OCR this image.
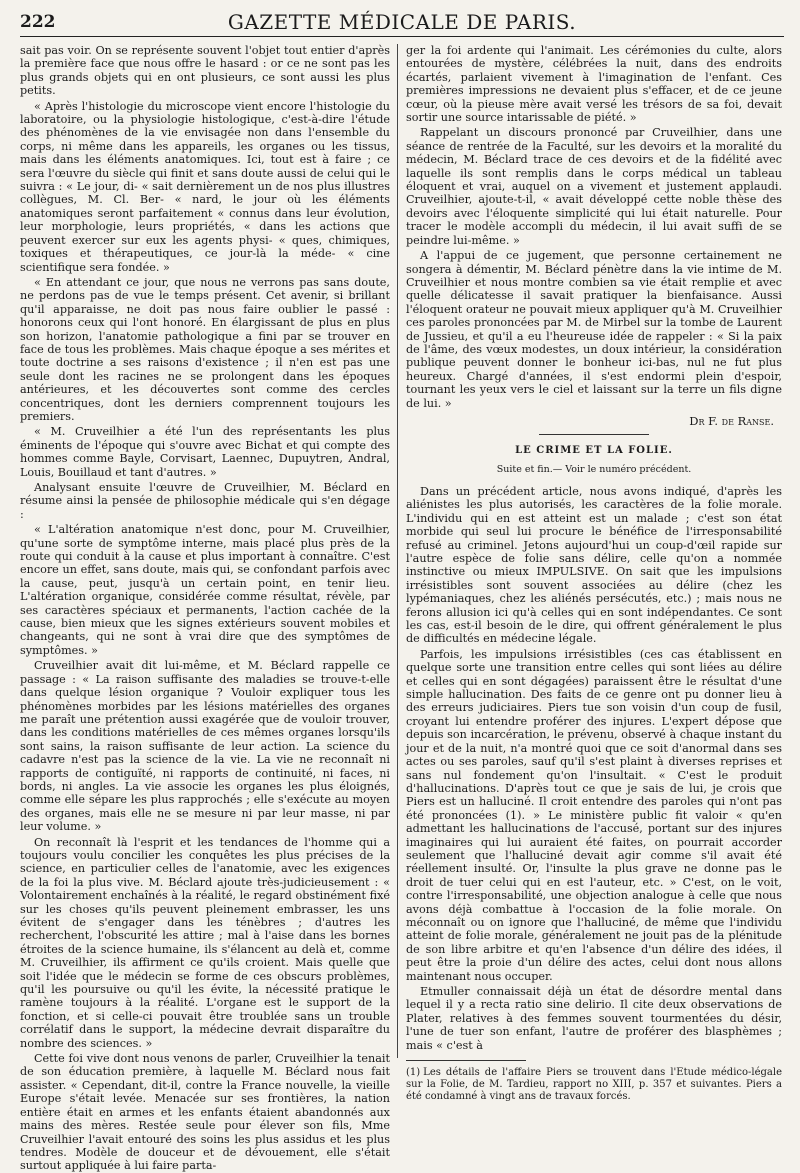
222	GAZETTE MÉDICALE DE PARIS.

sait pas voir. On se représente souvent l'objet tout entier d'après la première face que nous offre le hasard : or ce ne sont pas les plus grands objets qui en ont plusieurs, ce sont aussi les plus petits.

« Après l'histologie du microscope vient encore l'histologie du laboratoire, ou la physiologie histologique, c'est-à-dire l'étude des phénomènes de la vie envisagée non dans l'ensemble du corps, ni même dans les appareils, les organes ou les tissus, mais dans les éléments anatomiques. Ici, tout est à faire ; ce sera l'œuvre du siècle qui finit et sans doute aussi de celui qui le suivra : « Le jour, di- « sait dernièrement un de nos plus illustres collègues, M. Cl. Ber- « nard, le jour où les éléments anatomiques seront parfaitement « connus dans leur évolution, leur morphologie, leurs propriétés, « dans les actions que peuvent exercer sur eux les agents physi- « ques, chimiques, toxiques et thérapeutiques, ce jour-là la méde- « cine scientifique sera fondée. »

« En attendant ce jour, que nous ne verrons pas sans doute, ne perdons pas de vue le temps présent. Cet avenir, si brillant qu'il apparaisse, ne doit pas nous faire oublier le passé : honorons ceux qui l'ont honoré. En élargissant de plus en plus son horizon, l'anatomie pathologique a fini par se trouver en face de tous les problèmes. Mais chaque époque a ses mérites et toute doctrine a ses raisons d'existence ; il n'en est pas une seule dont les racines ne se prolongent dans les époques antérieures, et les découvertes sont comme des cercles concentriques, dont les derniers comprennent toujours les premiers.

« M. Cruveilhier a été l'un des représentants les plus éminents de l'époque qui s'ouvre avec Bichat et qui compte des hommes comme Bayle, Corvisart, Laennec, Dupuytren, Andral, Louis, Bouillaud et tant d'autres. »

Analysant ensuite l'œuvre de Cruveilhier, M. Béclard en résume ainsi la pensée de philosophie médicale qui s'en dégage :

« L'altération anatomique n'est donc, pour M. Cruveilhier, qu'une sorte de symptôme interne, mais placé plus près de la route qui conduit à la cause et plus important à connaître. C'est encore un effet, sans doute, mais qui, se confondant parfois avec la cause, peut, jusqu'à un certain point, en tenir lieu. L'altération organique, considérée comme résultat, révèle, par ses caractères spéciaux et permanents, l'action cachée de la cause, bien mieux que les signes extérieurs souvent mobiles et changeants, qui ne sont à vrai dire que des symptômes de symptômes. »

Cruveilhier avait dit lui-même, et M. Béclard rappelle ce passage : « La raison suffisante des maladies se trouve-t-elle dans quelque lésion organique ? Vouloir expliquer tous les phénomènes morbides par les lésions matérielles des organes me paraît une prétention aussi exagérée que de vouloir trouver, dans les conditions matérielles de ces mêmes organes lorsqu'ils sont sains, la raison suffisante de leur action. La science du cadavre n'est pas la science de la vie. La vie ne reconnaît ni rapports de contiguïté, ni rapports de continuité, ni faces, ni bords, ni angles. La vie associe les organes les plus éloignés, comme elle sépare les plus rapprochés ; elle s'exécute au moyen des organes, mais elle ne se mesure ni par leur masse, ni par leur volume. »

On reconnaît là l'esprit et les tendances de l'homme qui a toujours voulu concilier les conquêtes les plus précises de la science, en particulier celles de l'anatomie, avec les exigences de la foi la plus vive. M. Béclard ajoute très-judicieusement : « Volontairement enchaînés à la réalité, le regard obstinément fixé sur les choses qu'ils peuvent pleinement embrasser, les uns évitent de s'engager dans les ténèbres ; d'autres les recherchent, l'obscurité les attire ; mal à l'aise dans les bornes étroites de la science humaine, ils s'élancent au delà et, comme M. Cruveilhier, ils affirment ce qu'ils croient. Mais quelle que soit l'idée que le médecin se forme de ces obscurs problèmes, qu'il les poursuive ou qu'il les évite, la nécessité pratique le ramène toujours à la réalité. L'organe est le support de la fonction, et si celle-ci pouvait être troublée sans un trouble corrélatif dans le support, la médecine devrait disparaître du nombre des sciences. »

Cette foi vive dont nous venons de parler, Cruveilhier la tenait de son éducation première, à laquelle M. Béclard nous fait assister. « Cependant, dit-il, contre la France nouvelle, la vieille Europe s'était levée. Menacée sur ses frontières, la nation entière était en armes et les enfants étaient abandonnés aux mains des mères. Restée seule pour élever son fils, Mme Cruveilhier l'avait entouré des soins les plus assidus et les plus tendres. Modèle de douceur et de dévouement, elle s'était surtout appliquée à lui faire parta-

ger la foi ardente qui l'animait. Les cérémonies du culte, alors entourées de mystère, célébrées la nuit, dans des endroits écartés, parlaient vivement à l'imagination de l'enfant. Ces premières impressions ne devaient plus s'effacer, et de ce jeune cœur, où la pieuse mère avait versé les trésors de sa foi, devait sortir une source intarissable de piété. »

Rappelant un discours prononcé par Cruveilhier, dans une séance de rentrée de la Faculté, sur les devoirs et la moralité du médecin, M. Béclard trace de ces devoirs et de la fidélité avec laquelle ils sont remplis dans le corps médical un tableau éloquent et vrai, auquel on a vivement et justement applaudi. Cruveilhier, ajoute-t-il, « avait développé cette noble thèse des devoirs avec l'éloquente simplicité qui lui était naturelle. Pour tracer le modèle accompli du médecin, il lui avait suffi de se peindre lui-même. »

A l'appui de ce jugement, que personne certainement ne songera à démentir, M. Béclard pénètre dans la vie intime de M. Cruveilhier et nous montre combien sa vie était remplie et avec quelle délicatesse il savait pratiquer la bienfaisance. Aussi l'éloquent orateur ne pouvait mieux appliquer qu'à M. Cruveilhier ces paroles prononcées par M. de Mirbel sur la tombe de Laurent de Jussieu, et qu'il a eu l'heureuse idée de rappeler : « Si la paix de l'âme, des vœux modestes, un doux intérieur, la considération publique peuvent donner le bonheur ici-bas, nul ne fut plus heureux. Chargé d'années, il s'est endormi plein d'espoir, tournant les yeux vers le ciel et laissant sur la terre un fils digne de lui. »

Dr F. de Ranse.
LE CRIME ET LA FOLIE.
Suite et fin.— Voir le numéro précédent.

Dans un précédent article, nous avons indiqué, d'après les aliénistes les plus autorisés, les caractères de la folie morale. L'individu qui en est atteint est un malade ; c'est son état morbide qui seul lui procure le bénéfice de l'irresponsabilité refusé au criminel. Jetons aujourd'hui un coup-d'œil rapide sur l'autre espèce de folie sans délire, celle qu'on a nommée instinctive ou mieux IMPULSIVE. On sait que les impulsions irrésistibles sont souvent associées au délire (chez les lypémaniaques, chez les aliénés persécutés, etc.) ; mais nous ne ferons allusion ici qu'à celles qui en sont indépendantes. Ce sont les cas, est-il besoin de le dire, qui offrent généralement le plus de difficultés en médecine légale.

Parfois, les impulsions irrésistibles (ces cas établissent en quelque sorte une transition entre celles qui sont liées au délire et celles qui en sont dégagées) paraissent être le résultat d'une simple hallucination. Des faits de ce genre ont pu donner lieu à des erreurs judiciaires. Piers tue son voisin d'un coup de fusil, croyant lui entendre proférer des injures. L'expert dépose que depuis son incarcération, le prévenu, observé à chaque instant du jour et de la nuit, n'a montré quoi que ce soit d'anormal dans ses actes ou ses paroles, sauf qu'il s'est plaint à diverses reprises et sans nul fondement qu'on l'insultait. « C'est le produit d'hallucinations. D'après tout ce que je sais de lui, je crois que Piers est un halluciné. Il croit entendre des paroles qui n'ont pas été prononcées (1). » Le ministère public fit valoir « qu'en admettant les hallucinations de l'accusé, portant sur des injures imaginaires qui lui auraient été faites, on pourrait accorder seulement que l'halluciné devait agir comme s'il avait été réellement insulté. Or, l'insulte la plus grave ne donne pas le droit de tuer celui qui en est l'auteur, etc. » C'est, on le voit, contre l'irresponsabilité, une objection analogue à celle que nous avons déjà combattue à l'occasion de la folie morale. On méconnaît ou on ignore que l'halluciné, de même que l'individu atteint de folie morale, généralement ne jouit pas de la plénitude de son libre arbitre et qu'en l'absence d'un délire des idées, il peut être la proie d'un délire des actes, celui dont nous allons maintenant nous occuper.

Etmuller connaissait déjà un état de désordre mental dans lequel il y a recta ratio sine delirio. Il cite deux observations de Plater, relatives à des femmes souvent tourmentées du désir, l'une de tuer son enfant, l'autre de proférer des blasphèmes ; mais « c'est à

(1) Les détails de l'affaire Piers se trouvent dans l'Etude médico-légale sur la Folie, de M. Tardieu, rapport no XIII, p. 357 et suivantes. Piers a été condamné à vingt ans de travaux forcés.
